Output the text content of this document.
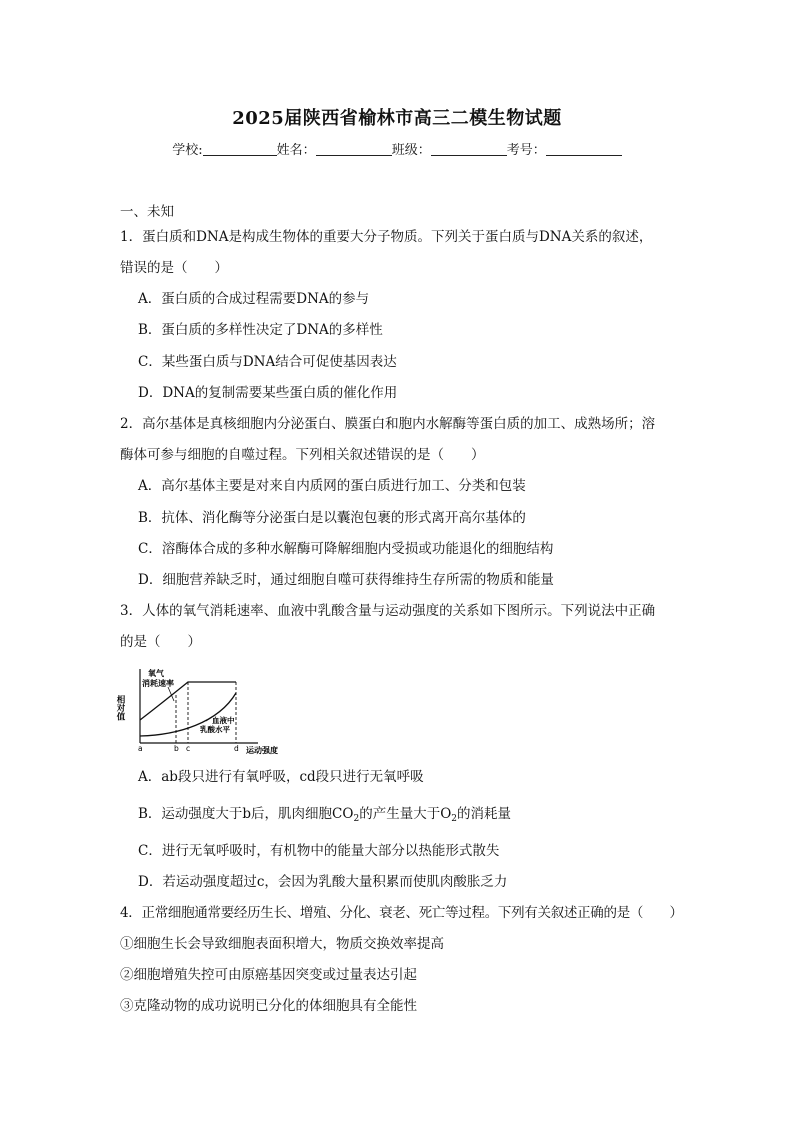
2025届陕西省榆林市高三二模生物试题
学校:	姓名：	班级：	考号：
一、未知
1．蛋白质和DNA是构成生物体的重要大分子物质。下列关于蛋白质与DNA关系的叙述，
错误的是（　　）
A．蛋白质的合成过程需要DNA的参与
B．蛋白质的多样性决定了DNA的多样性
C．某些蛋白质与DNA结合可促使基因表达
D．DNA的复制需要某些蛋白质的催化作用
2．高尔基体是真核细胞内分泌蛋白、膜蛋白和胞内水解酶等蛋白质的加工、成熟场所；溶
酶体可参与细胞的自噬过程。下列相关叙述错误的是（　　）
A．高尔基体主要是对来自内质网的蛋白质进行加工、分类和包装
B．抗体、消化酶等分泌蛋白是以囊泡包裹的形式离开高尔基体的
C．溶酶体合成的多种水解酶可降解细胞内受损或功能退化的细胞结构
D．细胞营养缺乏时，通过细胞自噬可获得维持生存所需的物质和能量
3．人体的氧气消耗速率、血液中乳酸含量与运动强度的关系如下图所示。下列说法中正确
的是（　　）
相对值
氧气
消耗速率
血液中
乳酸水平
a	b c	d 运动强度
A．ab段只进行有氧呼吸，cd段只进行无氧呼吸
B．运动强度大于b后，肌肉细胞$CO_2$的产生量大于$O_2$的消耗量
C．进行无氧呼吸时，有机物中的能量大部分以热能形式散失
D．若运动强度超过c，会因为乳酸大量积累而使肌肉酸胀乏力
4．正常细胞通常要经历生长、增殖、分化、衰老、死亡等过程。下列有关叙述正确的是（　　）
①细胞生长会导致细胞表面积增大，物质交换效率提高
②细胞增殖失控可由原癌基因突变或过量表达引起
③克隆动物的成功说明已分化的体细胞具有全能性
